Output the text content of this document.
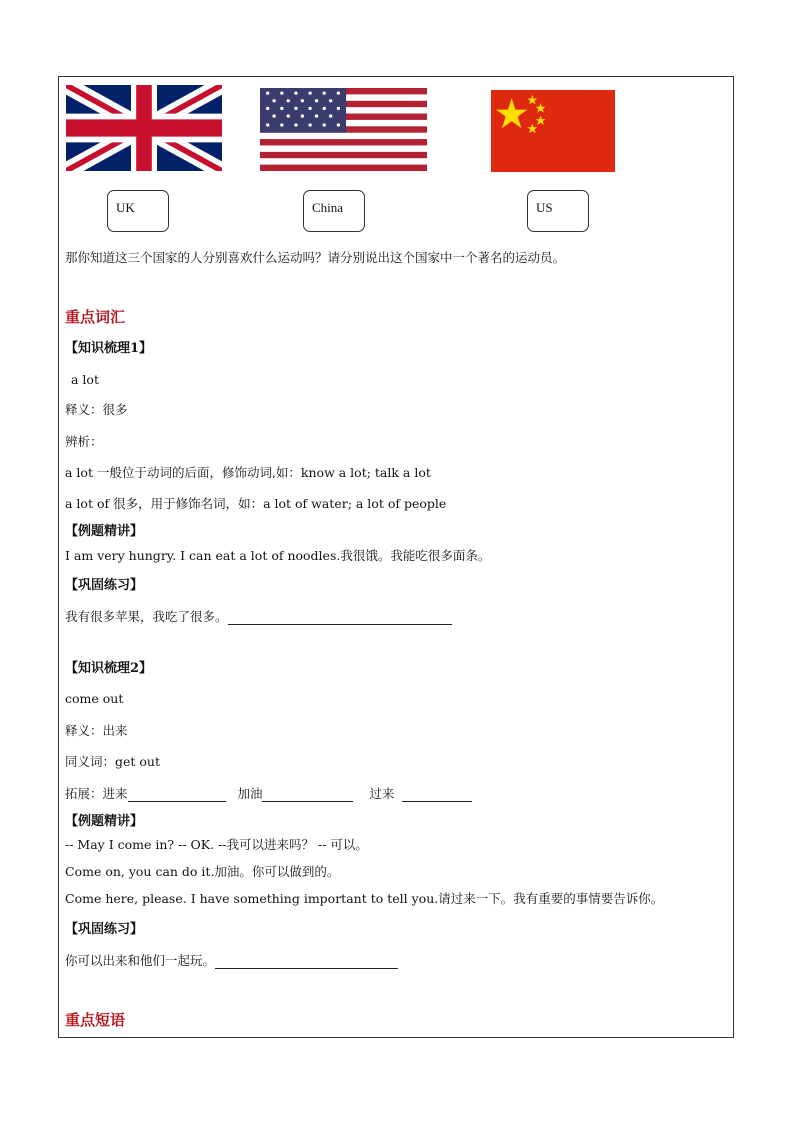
UK	China	US
那你知道这三个国家的人分别喜欢什么运动吗？请分别说出这个国家中一个著名的运动员。
重点词汇
【知识梳理1】
a lot
释义：很多
辨析：
a lot 一般位于动词的后面，修饰动词,如：know a lot; talk a lot
a lot of 很多，用于修饰名词，如：a lot of water; a lot of people
【例题精讲】
I am very hungry. I can eat a lot of noodles.我很饿。我能吃很多面条。
【巩固练习】
我有很多苹果，我吃了很多。
【知识梳理2】
come out
释义：出来
同义词：get out
拓展：进来	加油	过来
【例题精讲】
-- May I come in? -- OK. --我可以进来吗？ -- 可以。
Come on, you can do it.加油。你可以做到的。
Come here, please. I have something important to tell you.请过来一下。我有重要的事情要告诉你。
【巩固练习】
你可以出来和他们一起玩。
重点短语
